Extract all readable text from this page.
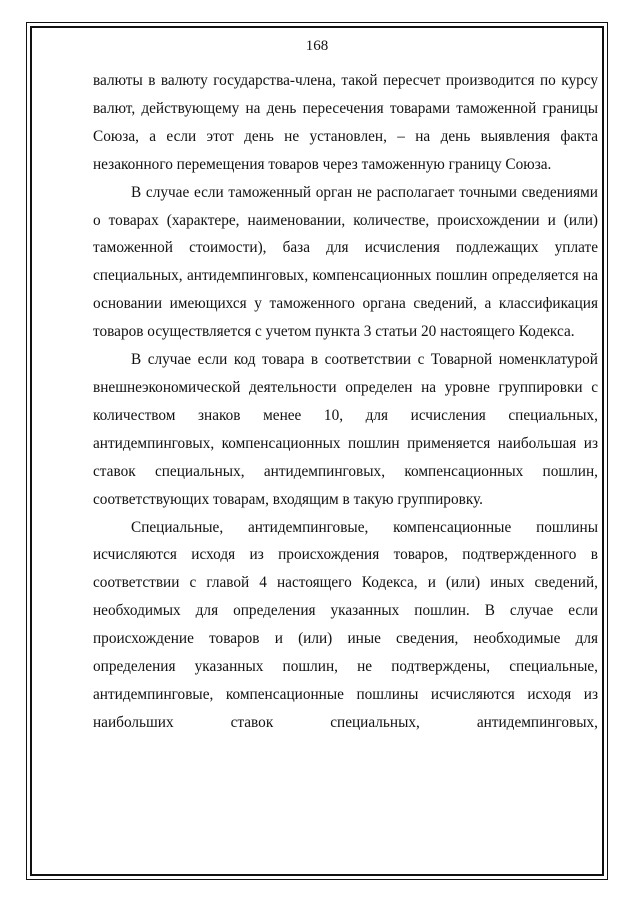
168

валюты в валюту государства-члена, такой пересчет производится по курсу валют, действующему на день пересечения товарами таможенной границы Союза, а если этот день не установлен, – на день выявления факта незаконного перемещения товаров через таможенную границу Союза.

В случае если таможенный орган не располагает точными сведениями о товарах (характере, наименовании, количестве, происхождении и (или) таможенной стоимости), база для исчисления подлежащих уплате специальных, антидемпинговых, компенсационных пошлин определяется на основании имеющихся у таможенного органа сведений, а классификация товаров осуществляется с учетом пункта 3 статьи 20 настоящего Кодекса.

В случае если код товара в соответствии с Товарной номенклатурой внешнеэкономической деятельности определен на уровне группировки с количеством знаков менее 10, для исчисления специальных, антидемпинговых, компенсационных пошлин применяется наибольшая из ставок специальных, антидемпинговых, компенсационных пошлин, соответствующих товарам, входящим в такую группировку.

Специальные, антидемпинговые, компенсационные пошлины исчисляются исходя из происхождения товаров, подтвержденного в соответствии с главой 4 настоящего Кодекса, и (или) иных сведений, необходимых для определения указанных пошлин. В случае если происхождение товаров и (или) иные сведения, необходимые для определения указанных пошлин, не подтверждены, специальные, антидемпинговые, компенсационные пошлины исчисляются исходя из наибольших ставок специальных, антидемпинговых,
